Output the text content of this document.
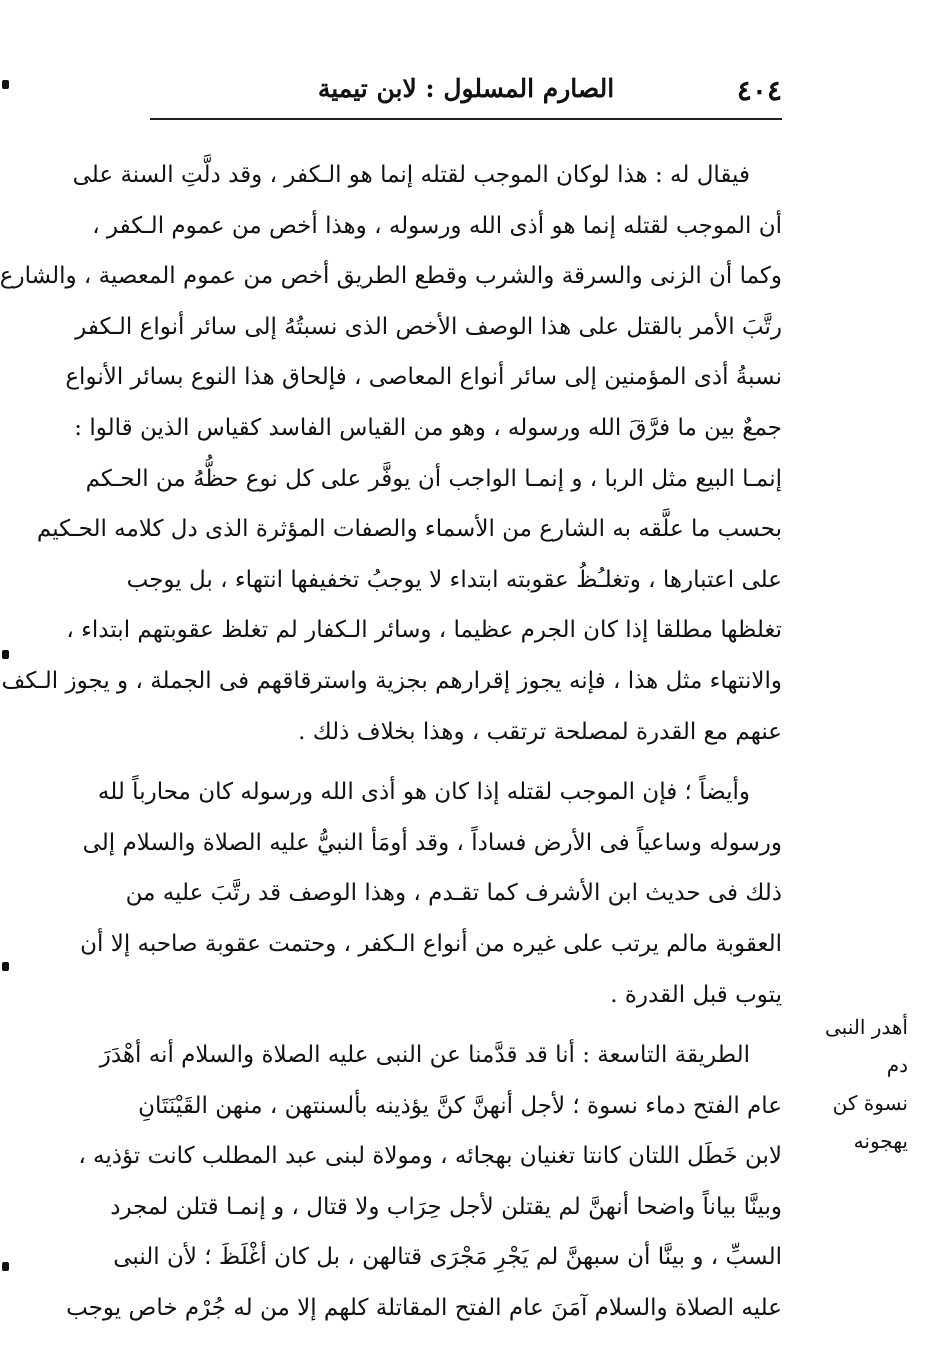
٤٠٤
الصارم المسلول : لابن تيمية

فيقال له : هذا لوكان الموجب لقتله إنما هو الـكفر ، وقد دلَّتِ السنة على
أن الموجب لقتله إنما هو أذى الله ورسوله ، وهذا أخص من عموم الـكفر ،
وكما أن الزنى والسرقة والشرب وقطع الطريق أخص من عموم المعصية ، والشارع
رتَّبَ الأمر بالقتل على هذا الوصف الأخص الذى نسبتُهُ إلى سائر أنواع الـكفر
نسبةُ أذى المؤمنين إلى سائر أنواع المعاصى ، فإلحاق هذا النوع بسائر الأنواع
جمعٌ بين ما فرَّقَ الله ورسوله ، وهو من القياس الفاسد كقياس الذين قالوا :
إنمـا البيع مثل الربا ، و إنمـا الواجب أن يوفَّر على كل نوع حظُّهُ من الحـكم
بحسب ما علَّقه به الشارع من الأسماء والصفات المؤثرة الذى دل كلامه الحـكيم
على اعتبارها ، وتغلـُظُ عقوبته ابتداء لا يوجبُ تخفيفها انتهاء ، بل يوجب
تغلظها مطلقا إذا كان الجرم عظيما ، وسائر الـكفار لم تغلظ عقوبتهم ابتداء ،
والانتهاء مثل هذا ، فإنه يجوز إقرارهم بجزية واسترقاقهم فى الجملة ، و يجوز الـكف
عنهم مع القدرة لمصلحة ترتقب ، وهذا بخلاف ذلك .

وأيضاً ؛ فإن الموجب لقتله إذا كان هو أذى الله ورسوله كان محارباً لله
ورسوله وساعياً فى الأرض فساداً ، وقد أومَأ النبيُّ عليه الصلاة والسلام إلى
ذلك فى حديث ابن الأشرف كما تقـدم ، وهذا الوصف قد رتَّبَ عليه من
العقوبة مالم يرتب على غيره من أنواع الـكفر ، وحتمت عقوبة صاحبه إلا أن
يتوب قبل القدرة .

الطريقة التاسعة : أنا قد قدَّمنا عن النبى عليه الصلاة والسلام أنه أهْدَرَ
عام الفتح دماء نسوة ؛ لأجل أنهنَّ كنَّ يؤذينه بألسنتهن ، منهن القَيْنَتَانِ
لابن خَطَل اللتان كانتا تغنيان بهجائه ، ومولاة لبنى عبد المطلب كانت تؤذيه ،
وبينَّا بياناً واضحا أنهنَّ لم يقتلن لأجل حِرَاب ولا قتال ، و إنمـا قتلن لمجرد
السبِّ ، و بينَّا أن سبهنَّ لم يَجْرِ مَجْرَى قتالهن ، بل كان أغْلَظَ ؛ لأن النبى
عليه الصلاة والسلام آمَنَ عام الفتح المقاتلة كلهم إلا من له جُرْم خاص يوجب

أهدر النبى دم
نسوة كن
يهجونه
